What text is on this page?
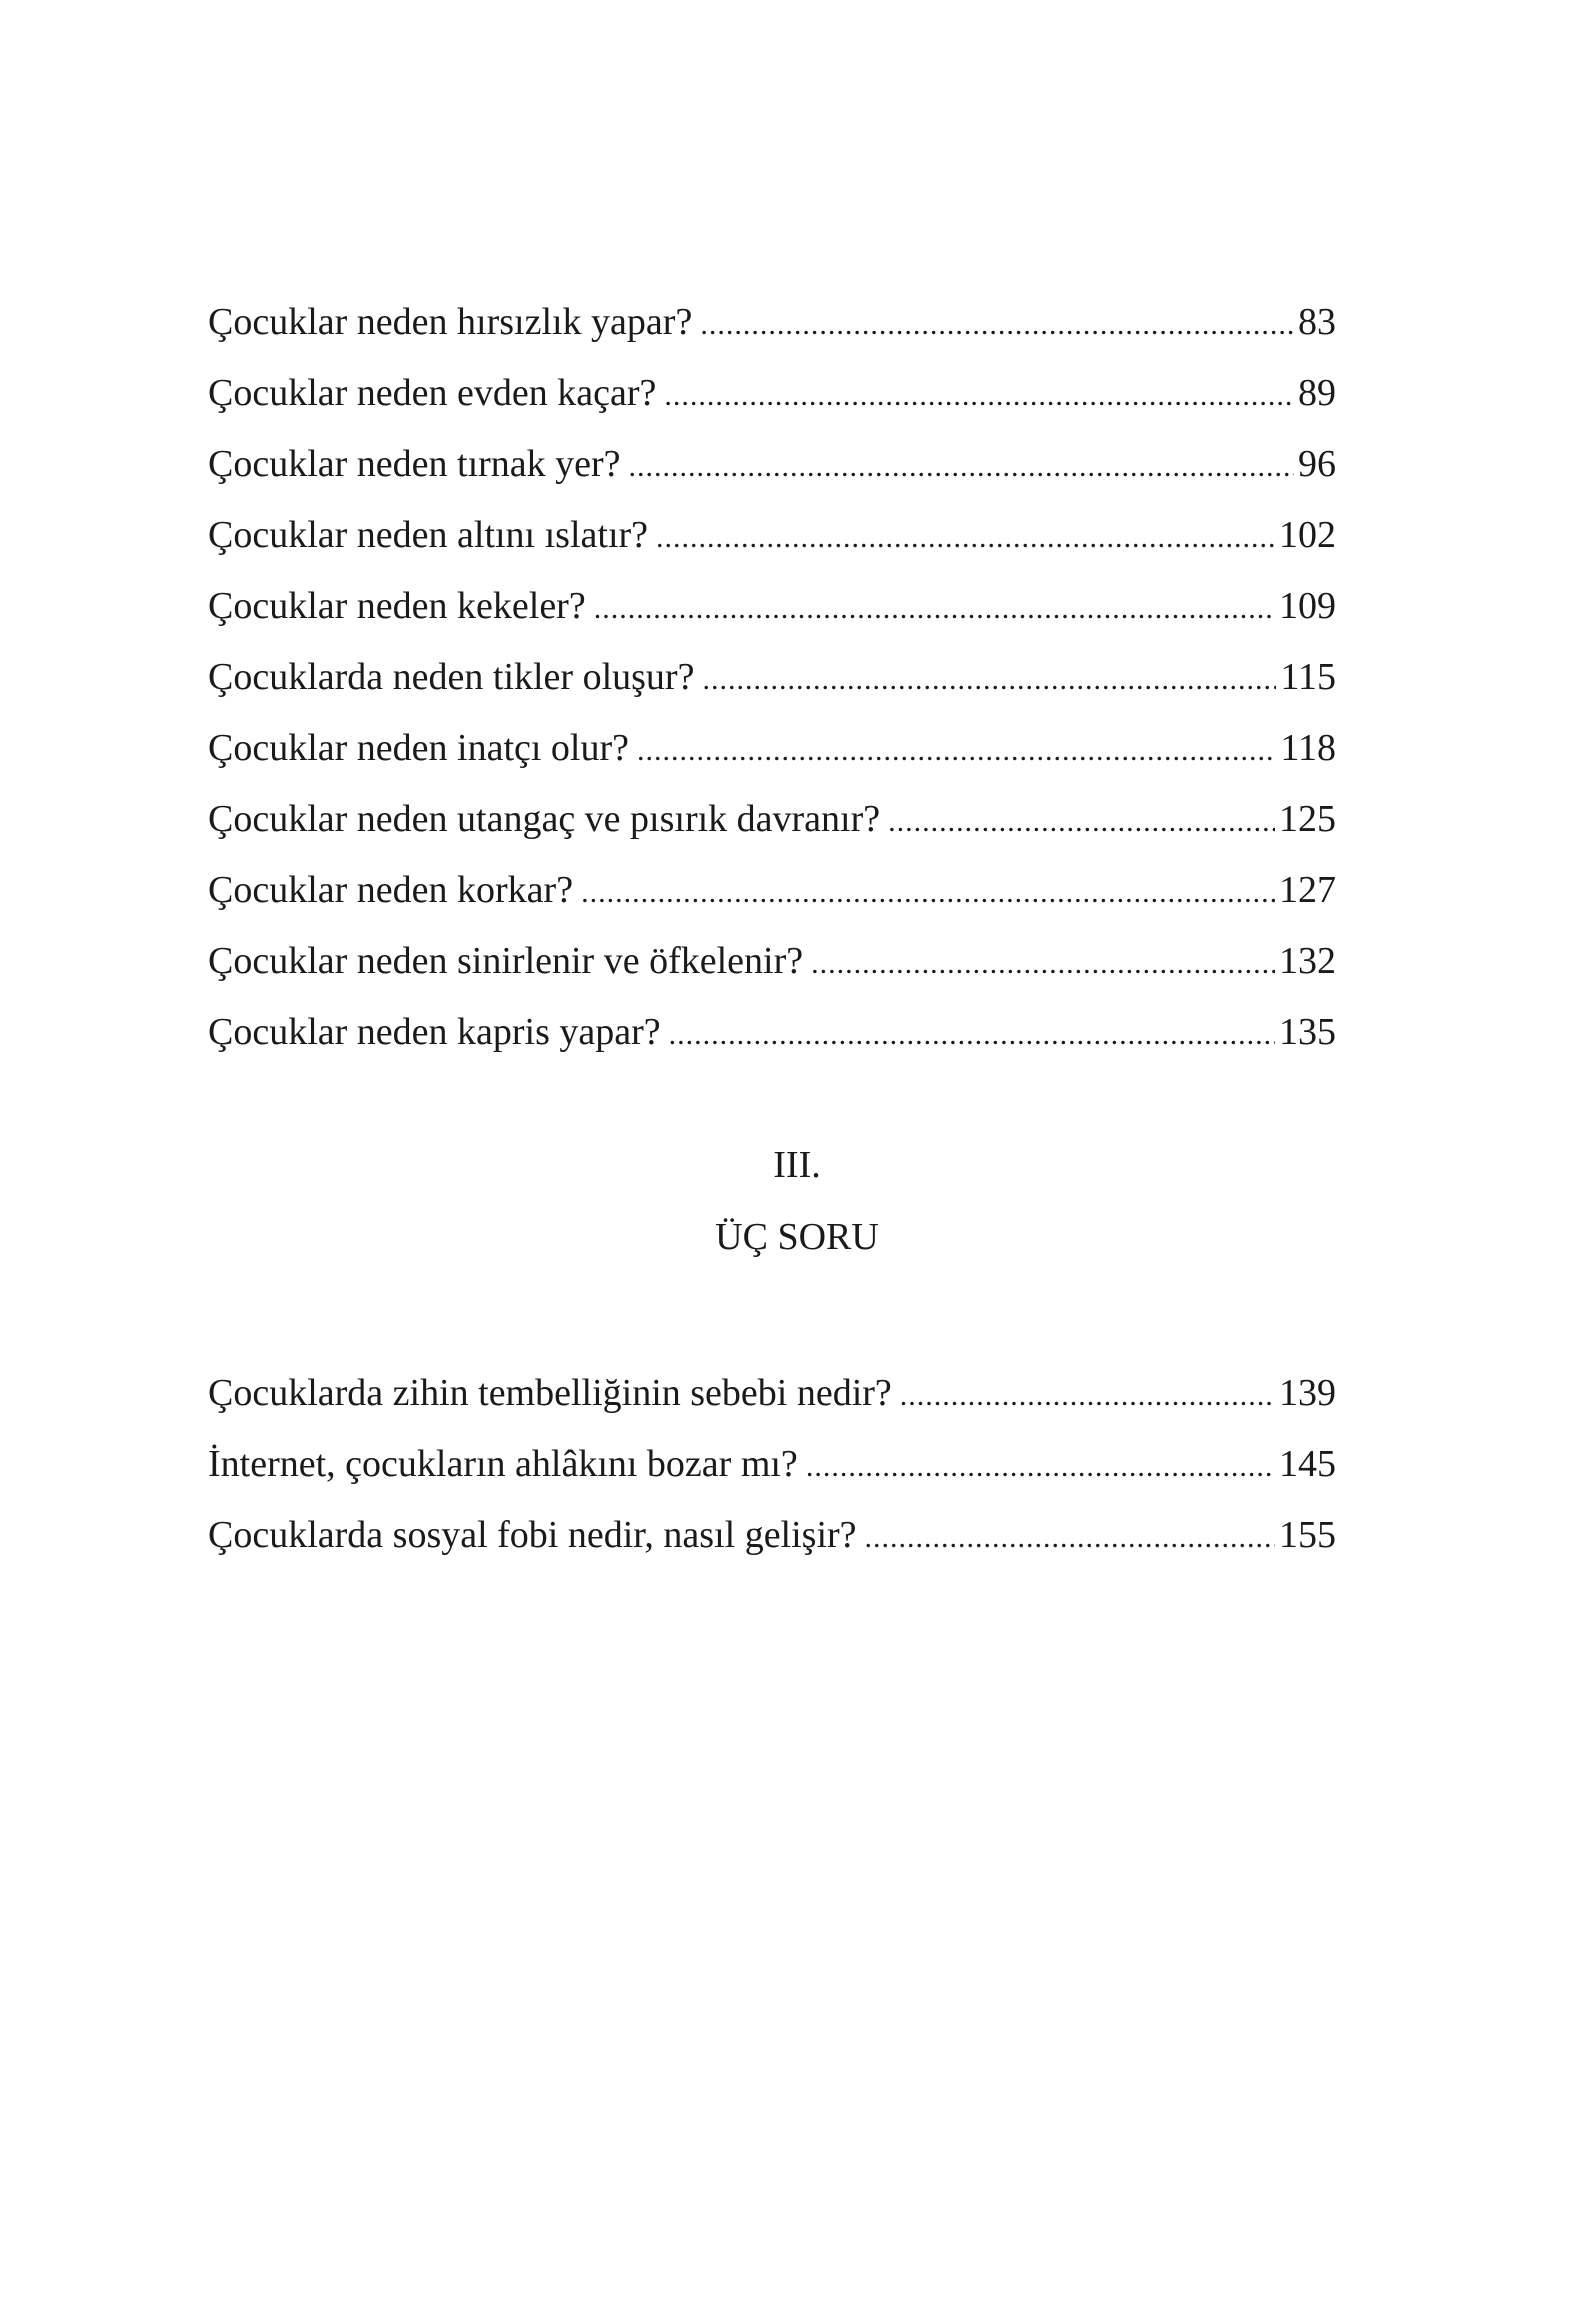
Çocuklar neden hırsızlık yapar? .....	83
Çocuklar neden evden kaçar? .....	89
Çocuklar neden tırnak yer? .....	96
Çocuklar neden altını ıslatır? .....	102
Çocuklar neden kekeler? .....	109
Çocuklarda neden tikler oluşur? .....	115
Çocuklar neden inatçı olur? .....	118
Çocuklar neden utangaç ve pısırık davranır? .....	125
Çocuklar neden korkar? .....	127
Çocuklar neden sinirlenir ve öfkelenir? .....	132
Çocuklar neden kapris yapar? .....	135
III.
ÜÇ SORU
Çocuklarda zihin tembelliğinin sebebi nedir? .....	139
İnternet, çocukların ahlâkını bozar mı? .....	145
Çocuklarda sosyal fobi nedir, nasıl gelişir? .....	155
